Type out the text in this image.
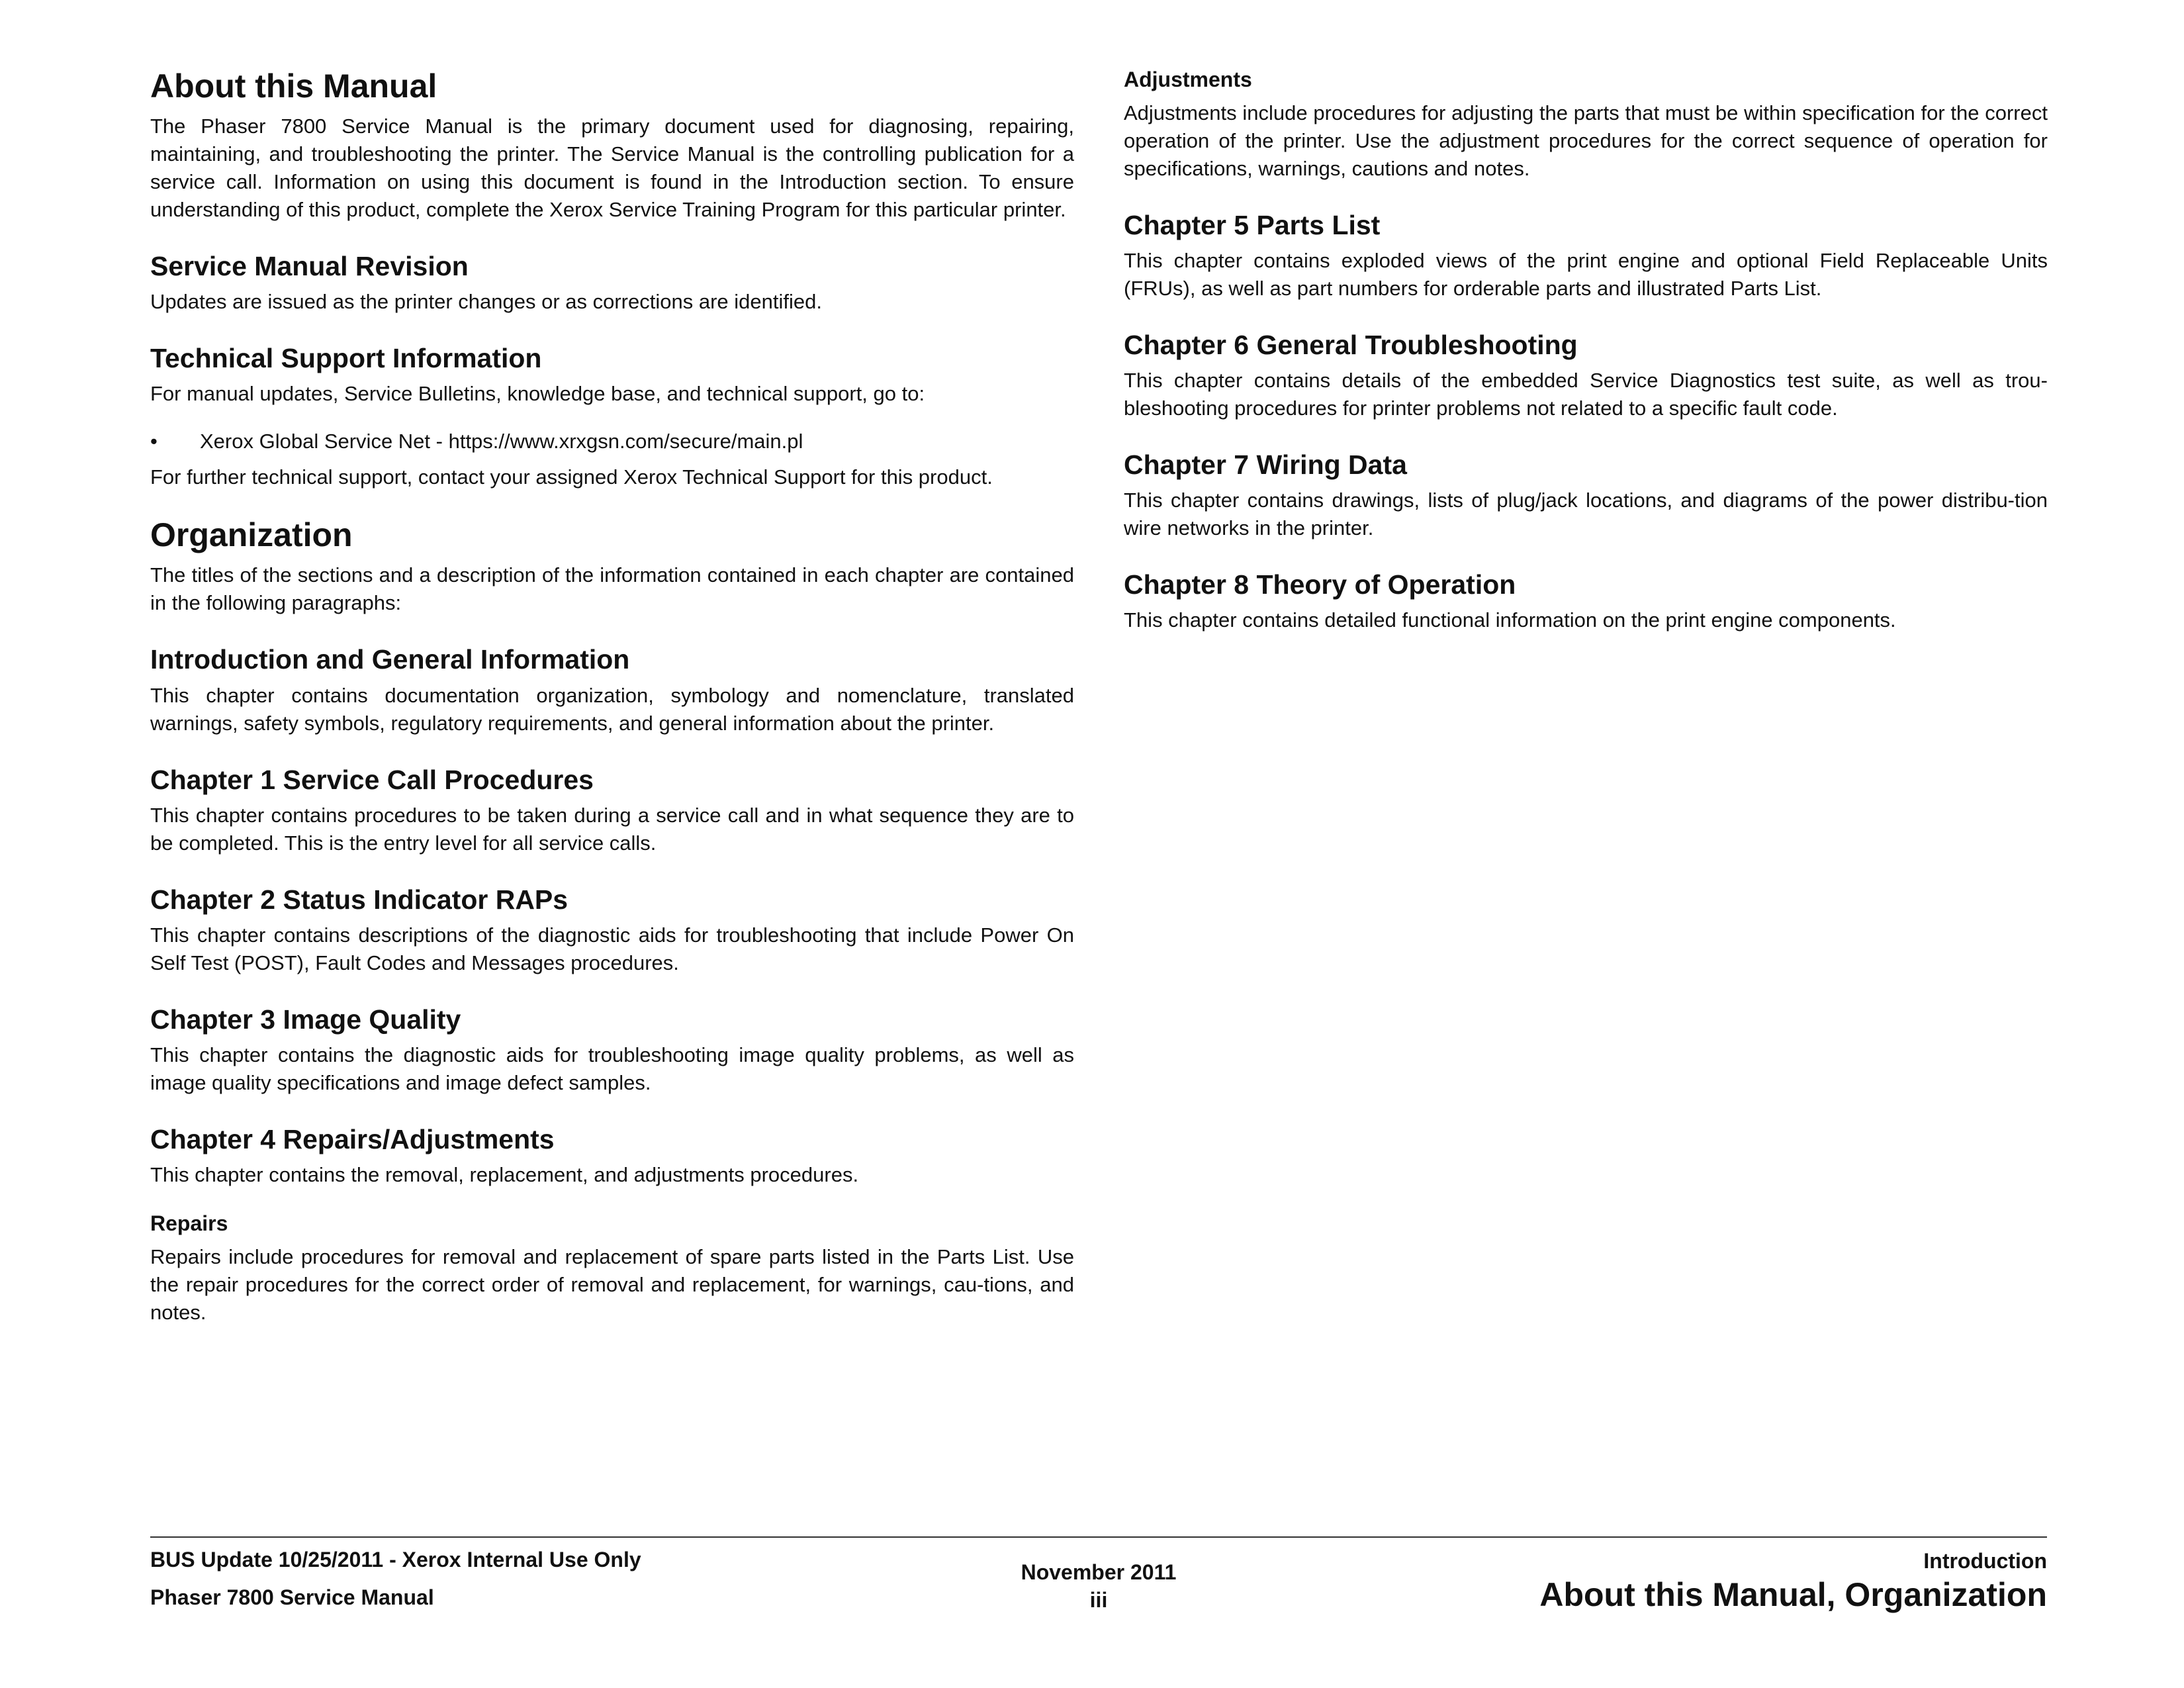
About this Manual

The Phaser 7800 Service Manual is the primary document used for diagnosing, repairing, maintaining, and troubleshooting the printer. The Service Manual is the controlling publication for a service call. Information on using this document is found in the Introduction section. To ensure understanding of this product, complete the Xerox Service Training Program for this particular printer.

Service Manual Revision

Updates are issued as the printer changes or as corrections are identified.

Technical Support Information

For manual updates, Service Bulletins, knowledge base, and technical support, go to:

• Xerox Global Service Net - https://www.xrxgsn.com/secure/main.pl

For further technical support, contact your assigned Xerox Technical Support for this product.

Organization

The titles of the sections and a description of the information contained in each chapter are contained in the following paragraphs:

Introduction and General Information

This chapter contains documentation organization, symbology and nomenclature, translated warnings, safety symbols, regulatory requirements, and general information about the printer.

Chapter 1 Service Call Procedures

This chapter contains procedures to be taken during a service call and in what sequence they are to be completed. This is the entry level for all service calls.

Chapter 2 Status Indicator RAPs

This chapter contains descriptions of the diagnostic aids for troubleshooting that include Power On Self Test (POST), Fault Codes and Messages procedures.

Chapter 3 Image Quality

This chapter contains the diagnostic aids for troubleshooting image quality problems, as well as image quality specifications and image defect samples.

Chapter 4 Repairs/Adjustments

This chapter contains the removal, replacement, and adjustments procedures.

Repairs

Repairs include procedures for removal and replacement of spare parts listed in the Parts List. Use the repair procedures for the correct order of removal and replacement, for warnings, cau-tions, and notes.

Adjustments

Adjustments include procedures for adjusting the parts that must be within specification for the correct operation of the printer. Use the adjustment procedures for the correct sequence of operation for specifications, warnings, cautions and notes.

Chapter 5 Parts List

This chapter contains exploded views of the print engine and optional Field Replaceable Units (FRUs), as well as part numbers for orderable parts and illustrated Parts List.

Chapter 6 General Troubleshooting

This chapter contains details of the embedded Service Diagnostics test suite, as well as trou-bleshooting procedures for printer problems not related to a specific fault code.

Chapter 7 Wiring Data

This chapter contains drawings, lists of plug/jack locations, and diagrams of the power distribu-tion wire networks in the printer.

Chapter 8 Theory of Operation

This chapter contains detailed functional information on the print engine components.

BUS Update 10/25/2011 - Xerox Internal Use Only
Phaser 7800 Service Manual
November 2011
iii
Introduction
About this Manual, Organization
